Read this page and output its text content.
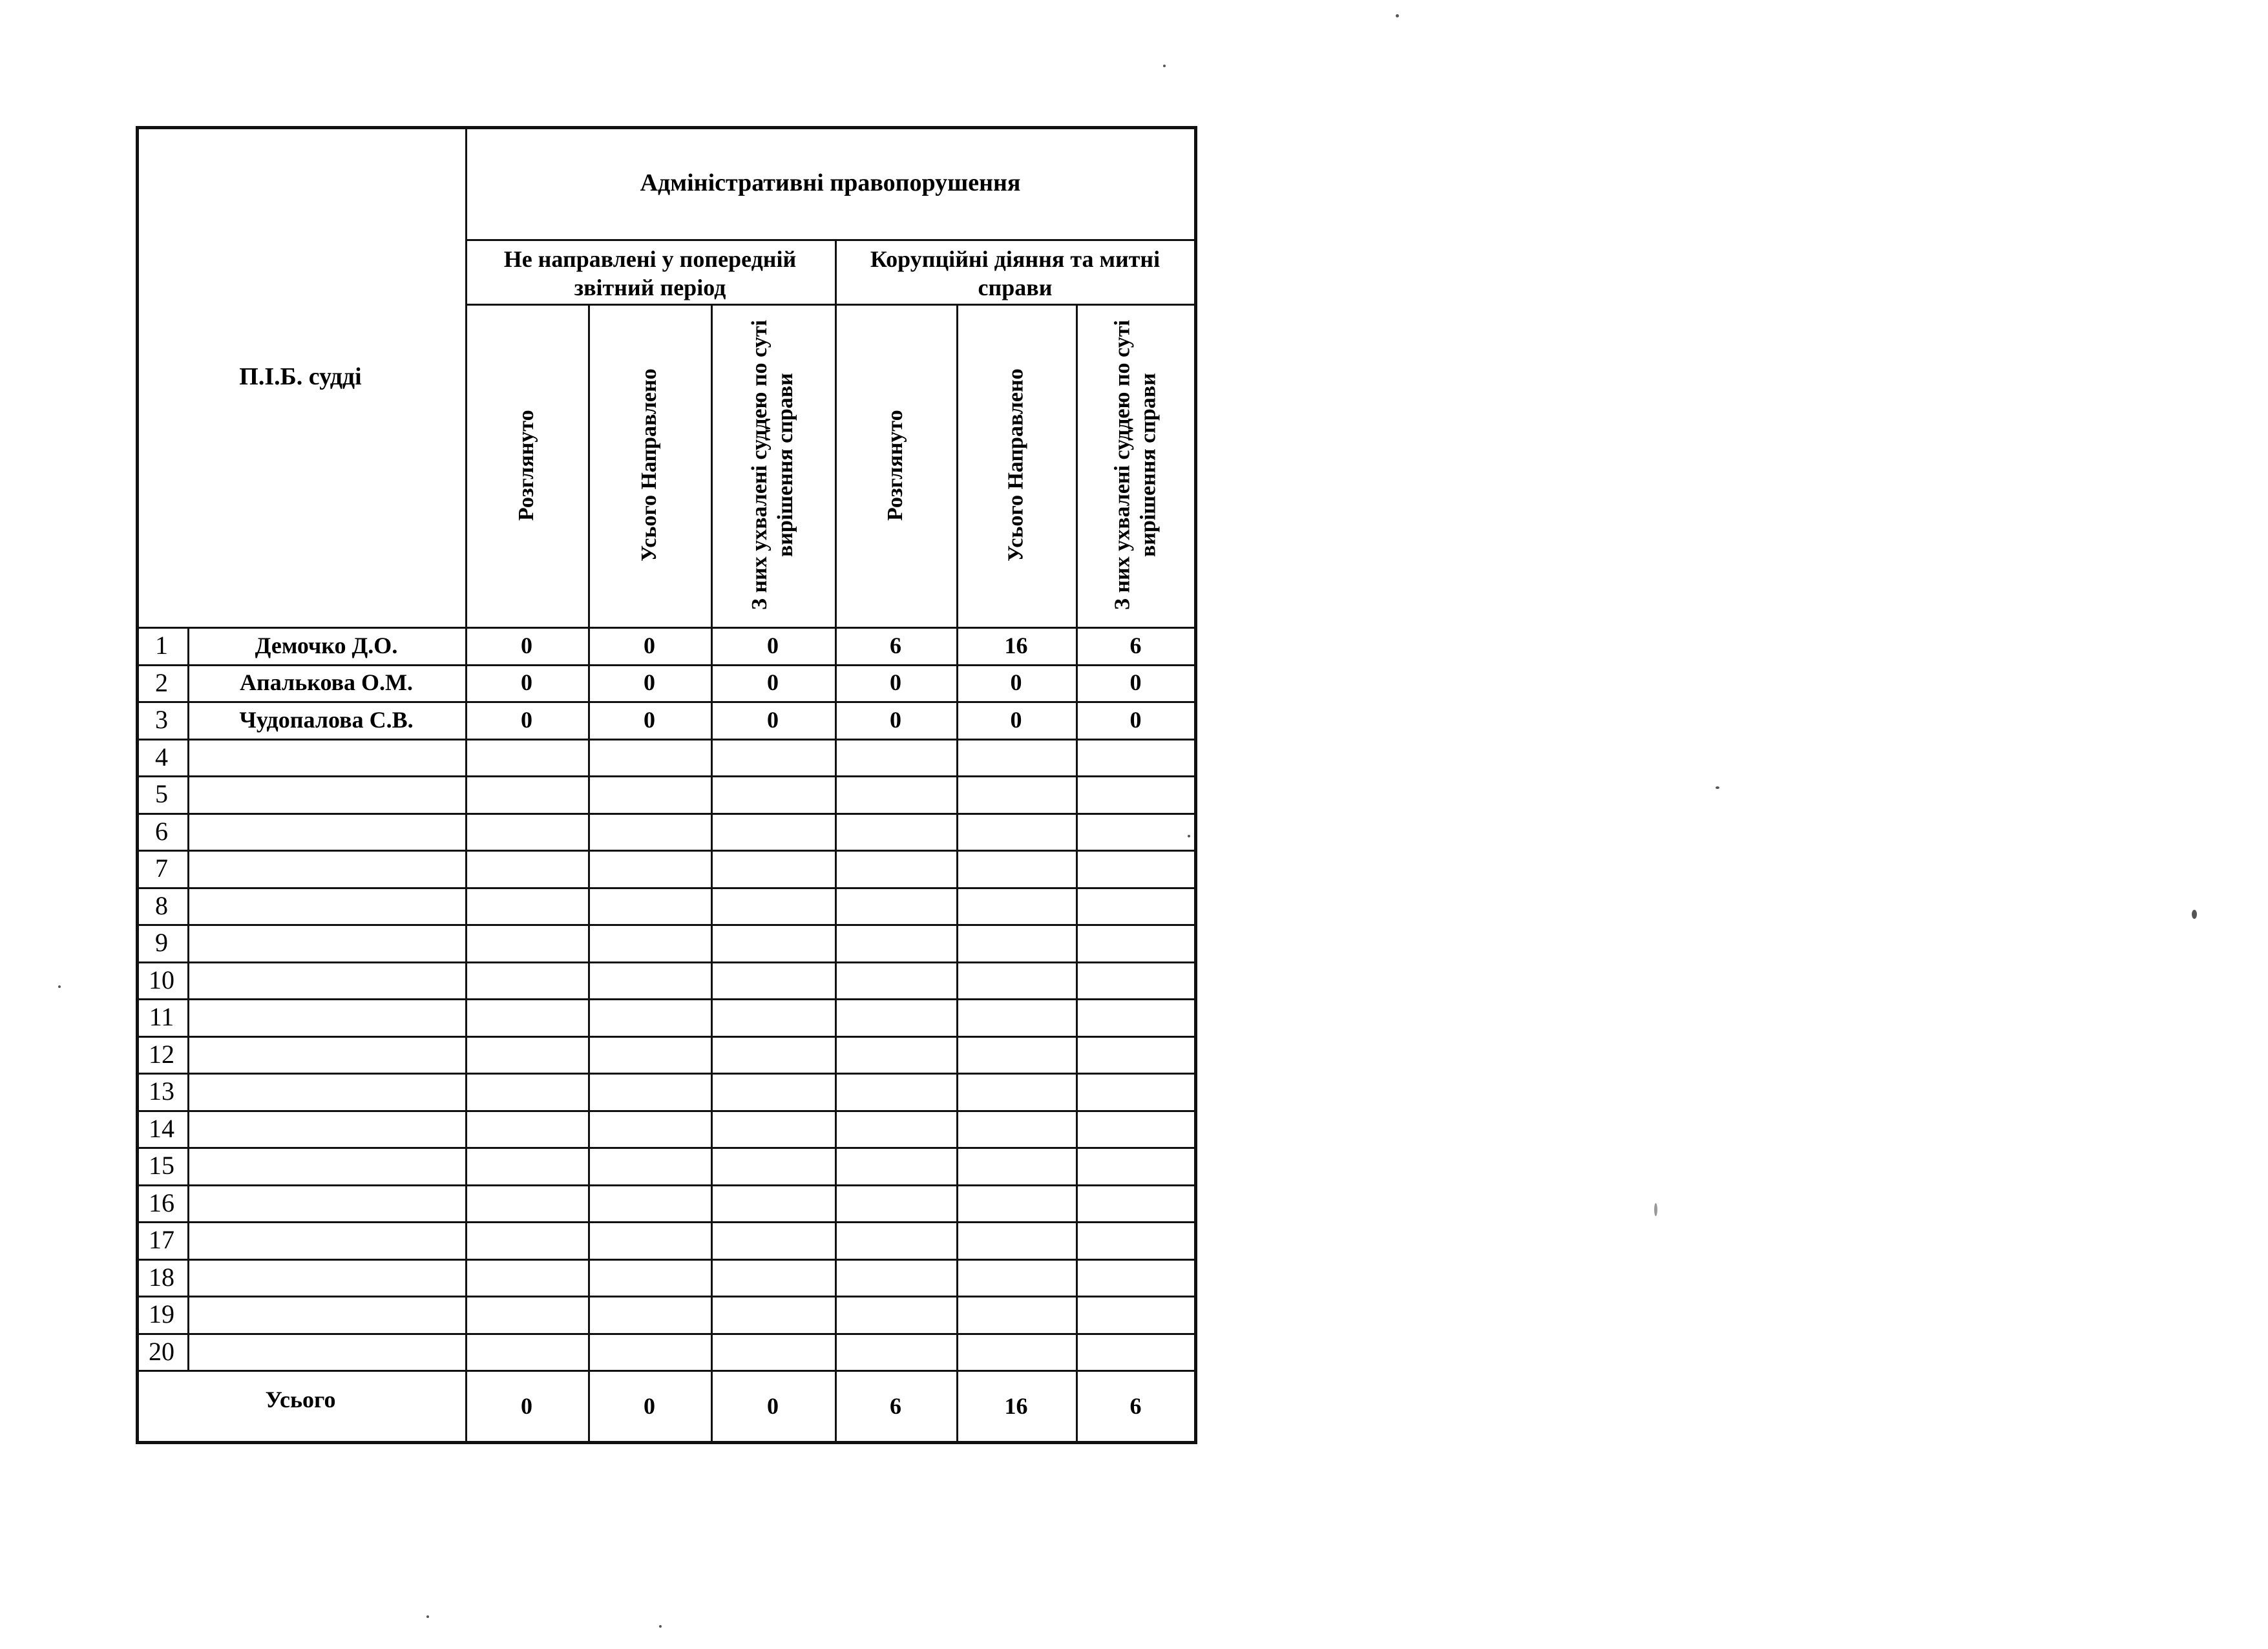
П.І.Б. судді
Адміністративні правопорушення
Не направлені у попередній звітний період
Корупційні діяння та митні справи
Розглянуто	Усього Направлено	З них ухвалені суддею по суті вирішення справи	Розглянуто	Усього Направлено	З них ухвалені суддею по суті вирішення справи
1	Демочко Д.О.	0	0	0	6	16	6
2	Апалькова О.М.	0	0	0	0	0	0
3	Чудопалова С.В.	0	0	0	0	0	0
4
5
6
7
8
9
10
11
12
13
14
15
16
17
18
19
20
Усього	0	0	0	6	16	6
